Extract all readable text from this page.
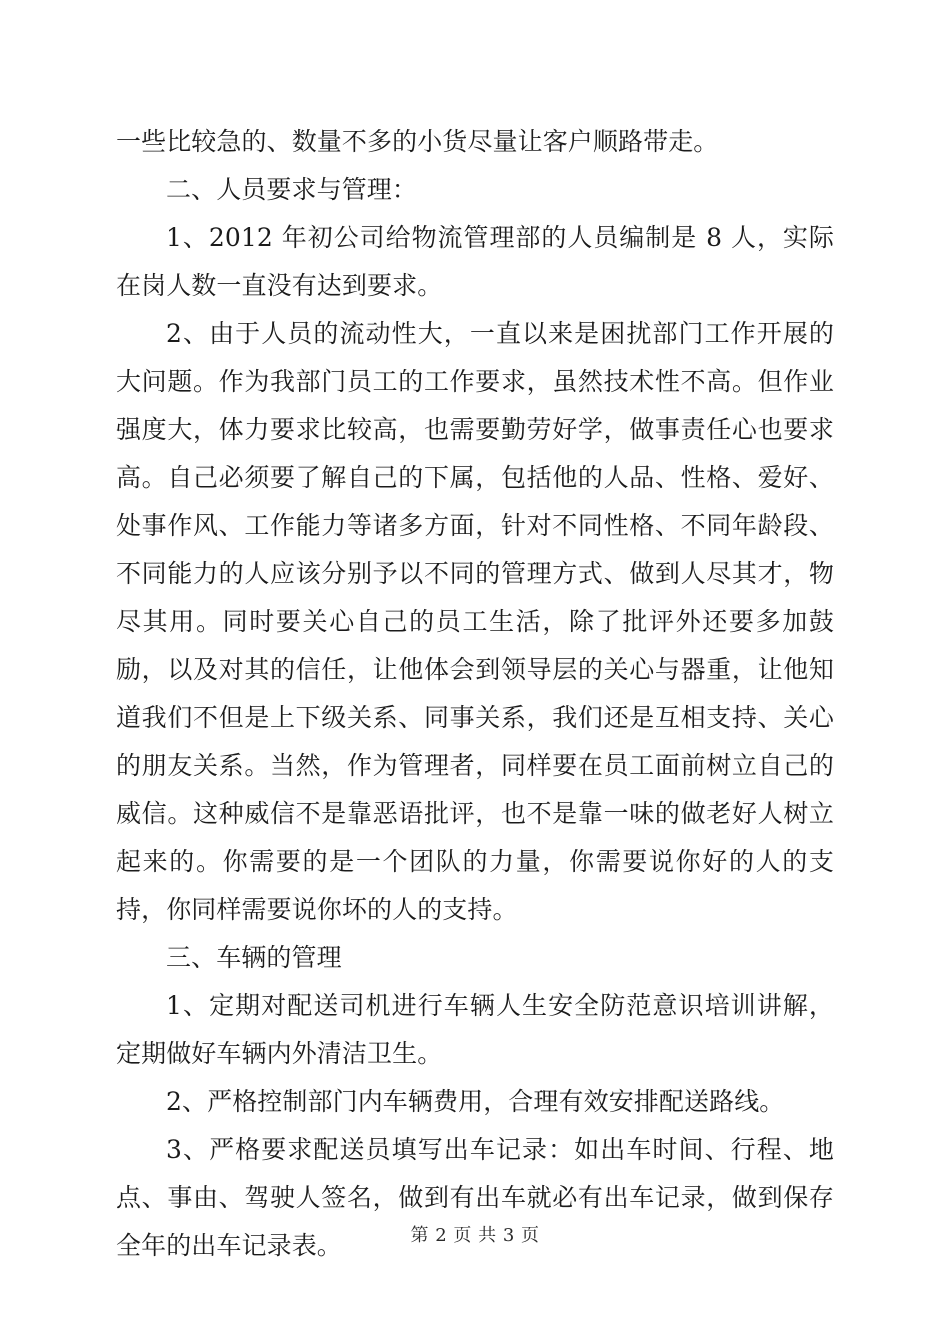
一些比较急的、数量不多的小货尽量让客户顺路带走。

二、人员要求与管理：

1、2012 年初公司给物流管理部的人员编制是 8 人，实际在岗人数一直没有达到要求。

2、由于人员的流动性大，一直以来是困扰部门工作开展的大问题。作为我部门员工的工作要求，虽然技术性不高。但作业强度大，体力要求比较高，也需要勤劳好学，做事责任心也要求高。自己必须要了解自己的下属，包括他的人品、性格、爱好、处事作风、工作能力等诸多方面，针对不同性格、不同年龄段、不同能力的人应该分别予以不同的管理方式、做到人尽其才，物尽其用。同时要关心自己的员工生活，除了批评外还要多加鼓励，以及对其的信任，让他体会到领导层的关心与器重，让他知道我们不但是上下级关系、同事关系，我们还是互相支持、关心的朋友关系。当然，作为管理者，同样要在员工面前树立自己的威信。这种威信不是靠恶语批评，也不是靠一味的做老好人树立起来的。你需要的是一个团队的力量，你需要说你好的人的支持，你同样需要说你坏的人的支持。

三、车辆的管理

1、定期对配送司机进行车辆人生安全防范意识培训讲解，定期做好车辆内外清洁卫生。

2、严格控制部门内车辆费用，合理有效安排配送路线。

3、严格要求配送员填写出车记录：如出车时间、行程、地点、事由、驾驶人签名，做到有出车就必有出车记录，做到保存全年的出车记录表。	第 2 页 共 3 页
